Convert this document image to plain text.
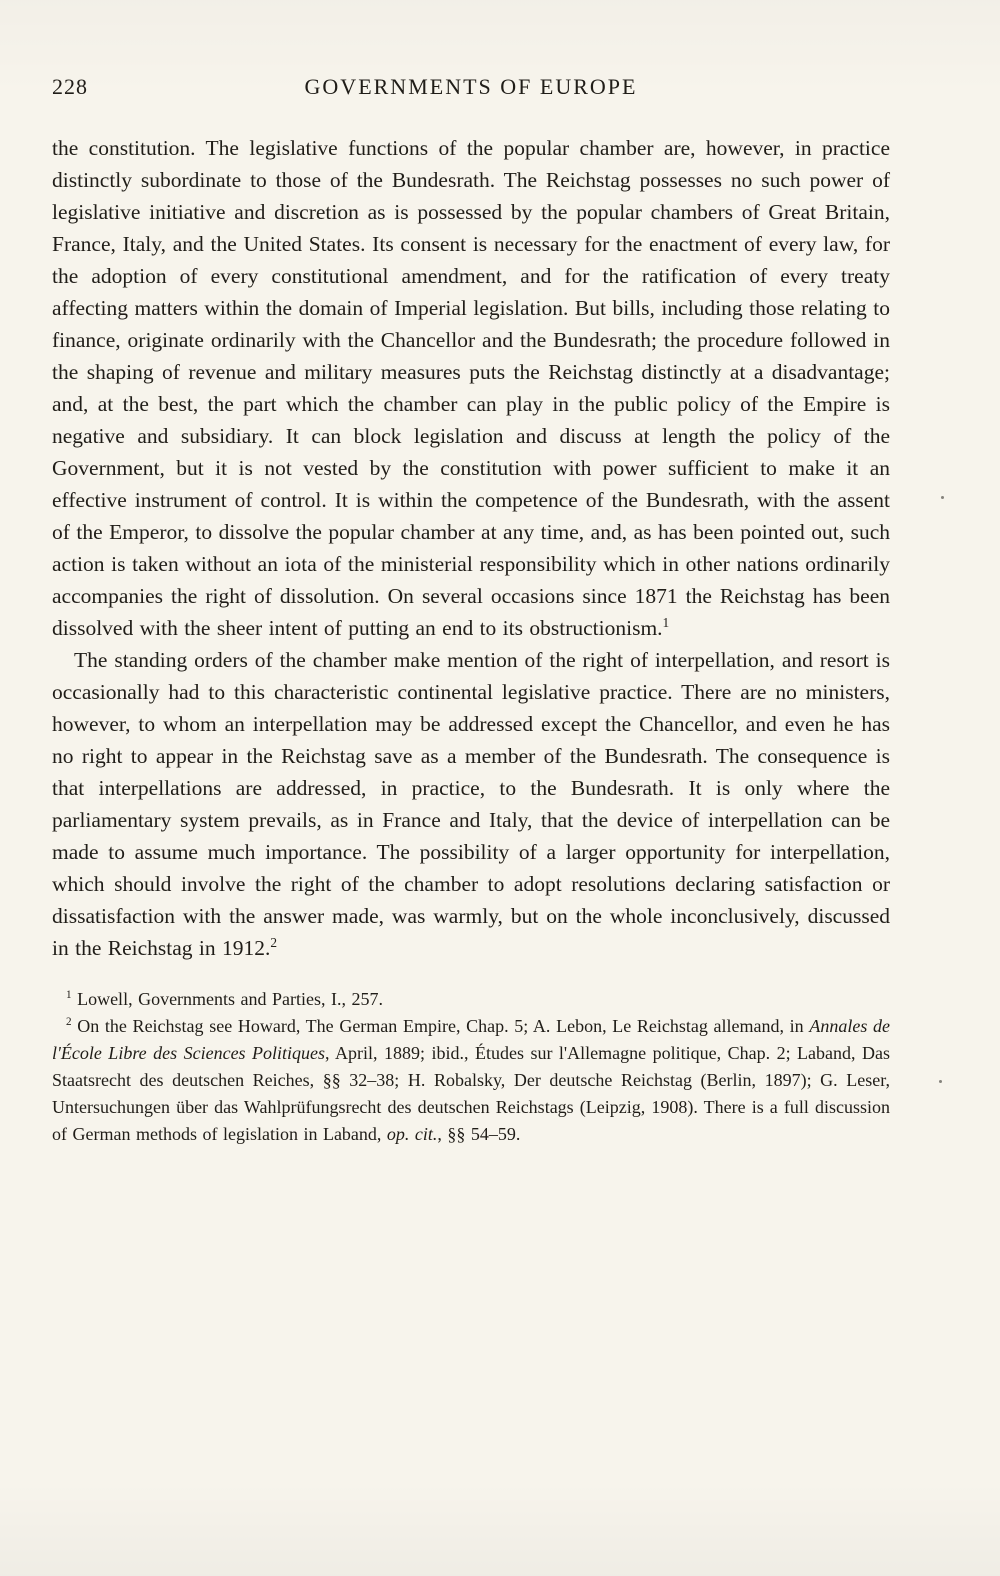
228	GOVERNMENTS OF EUROPE

the constitution. The legislative functions of the popular chamber are, however, in practice distinctly subordinate to those of the Bundesrath. The Reichstag possesses no such power of legislative initiative and discretion as is possessed by the popular chambers of Great Britain, France, Italy, and the United States. Its consent is necessary for the enactment of every law, for the adoption of every constitutional amendment, and for the ratification of every treaty affecting matters within the domain of Imperial legislation. But bills, including those relating to finance, originate ordinarily with the Chancellor and the Bundesrath; the procedure followed in the shaping of revenue and military measures puts the Reichstag distinctly at a disadvantage; and, at the best, the part which the chamber can play in the public policy of the Empire is negative and subsidiary. It can block legislation and discuss at length the policy of the Government, but it is not vested by the constitution with power sufficient to make it an effective instrument of control. It is within the competence of the Bundesrath, with the assent of the Emperor, to dissolve the popular chamber at any time, and, as has been pointed out, such action is taken without an iota of the ministerial responsibility which in other nations ordinarily accompanies the right of dissolution. On several occasions since 1871 the Reichstag has been dissolved with the sheer intent of putting an end to its obstructionism.$^1$

The standing orders of the chamber make mention of the right of interpellation, and resort is occasionally had to this characteristic continental legislative practice. There are no ministers, however, to whom an interpellation may be addressed except the Chancellor, and even he has no right to appear in the Reichstag save as a member of the Bundesrath. The consequence is that interpellations are addressed, in practice, to the Bundesrath. It is only where the parliamentary system prevails, as in France and Italy, that the device of interpellation can be made to assume much importance. The possibility of a larger opportunity for interpellation, which should involve the right of the chamber to adopt resolutions declaring satisfaction or dissatisfaction with the answer made, was warmly, but on the whole inconclusively, discussed in the Reichstag in 1912.$^2$

$^1$ Lowell, Governments and Parties, I., 257.

$^2$ On the Reichstag see Howard, The German Empire, Chap. 5; A. Lebon, Le Reichstag allemand, in Annales de l'École Libre des Sciences Politiques, April, 1889; ibid., Études sur l'Allemagne politique, Chap. 2; Laband, Das Staatsrecht des deutschen Reiches, §§ 32–38; H. Robalsky, Der deutsche Reichstag (Berlin, 1897); G. Leser, Untersuchungen über das Wahlprüfungsrecht des deutschen Reichstags (Leipzig, 1908). There is a full discussion of German methods of legislation in Laband, op. cit., §§ 54–59.
